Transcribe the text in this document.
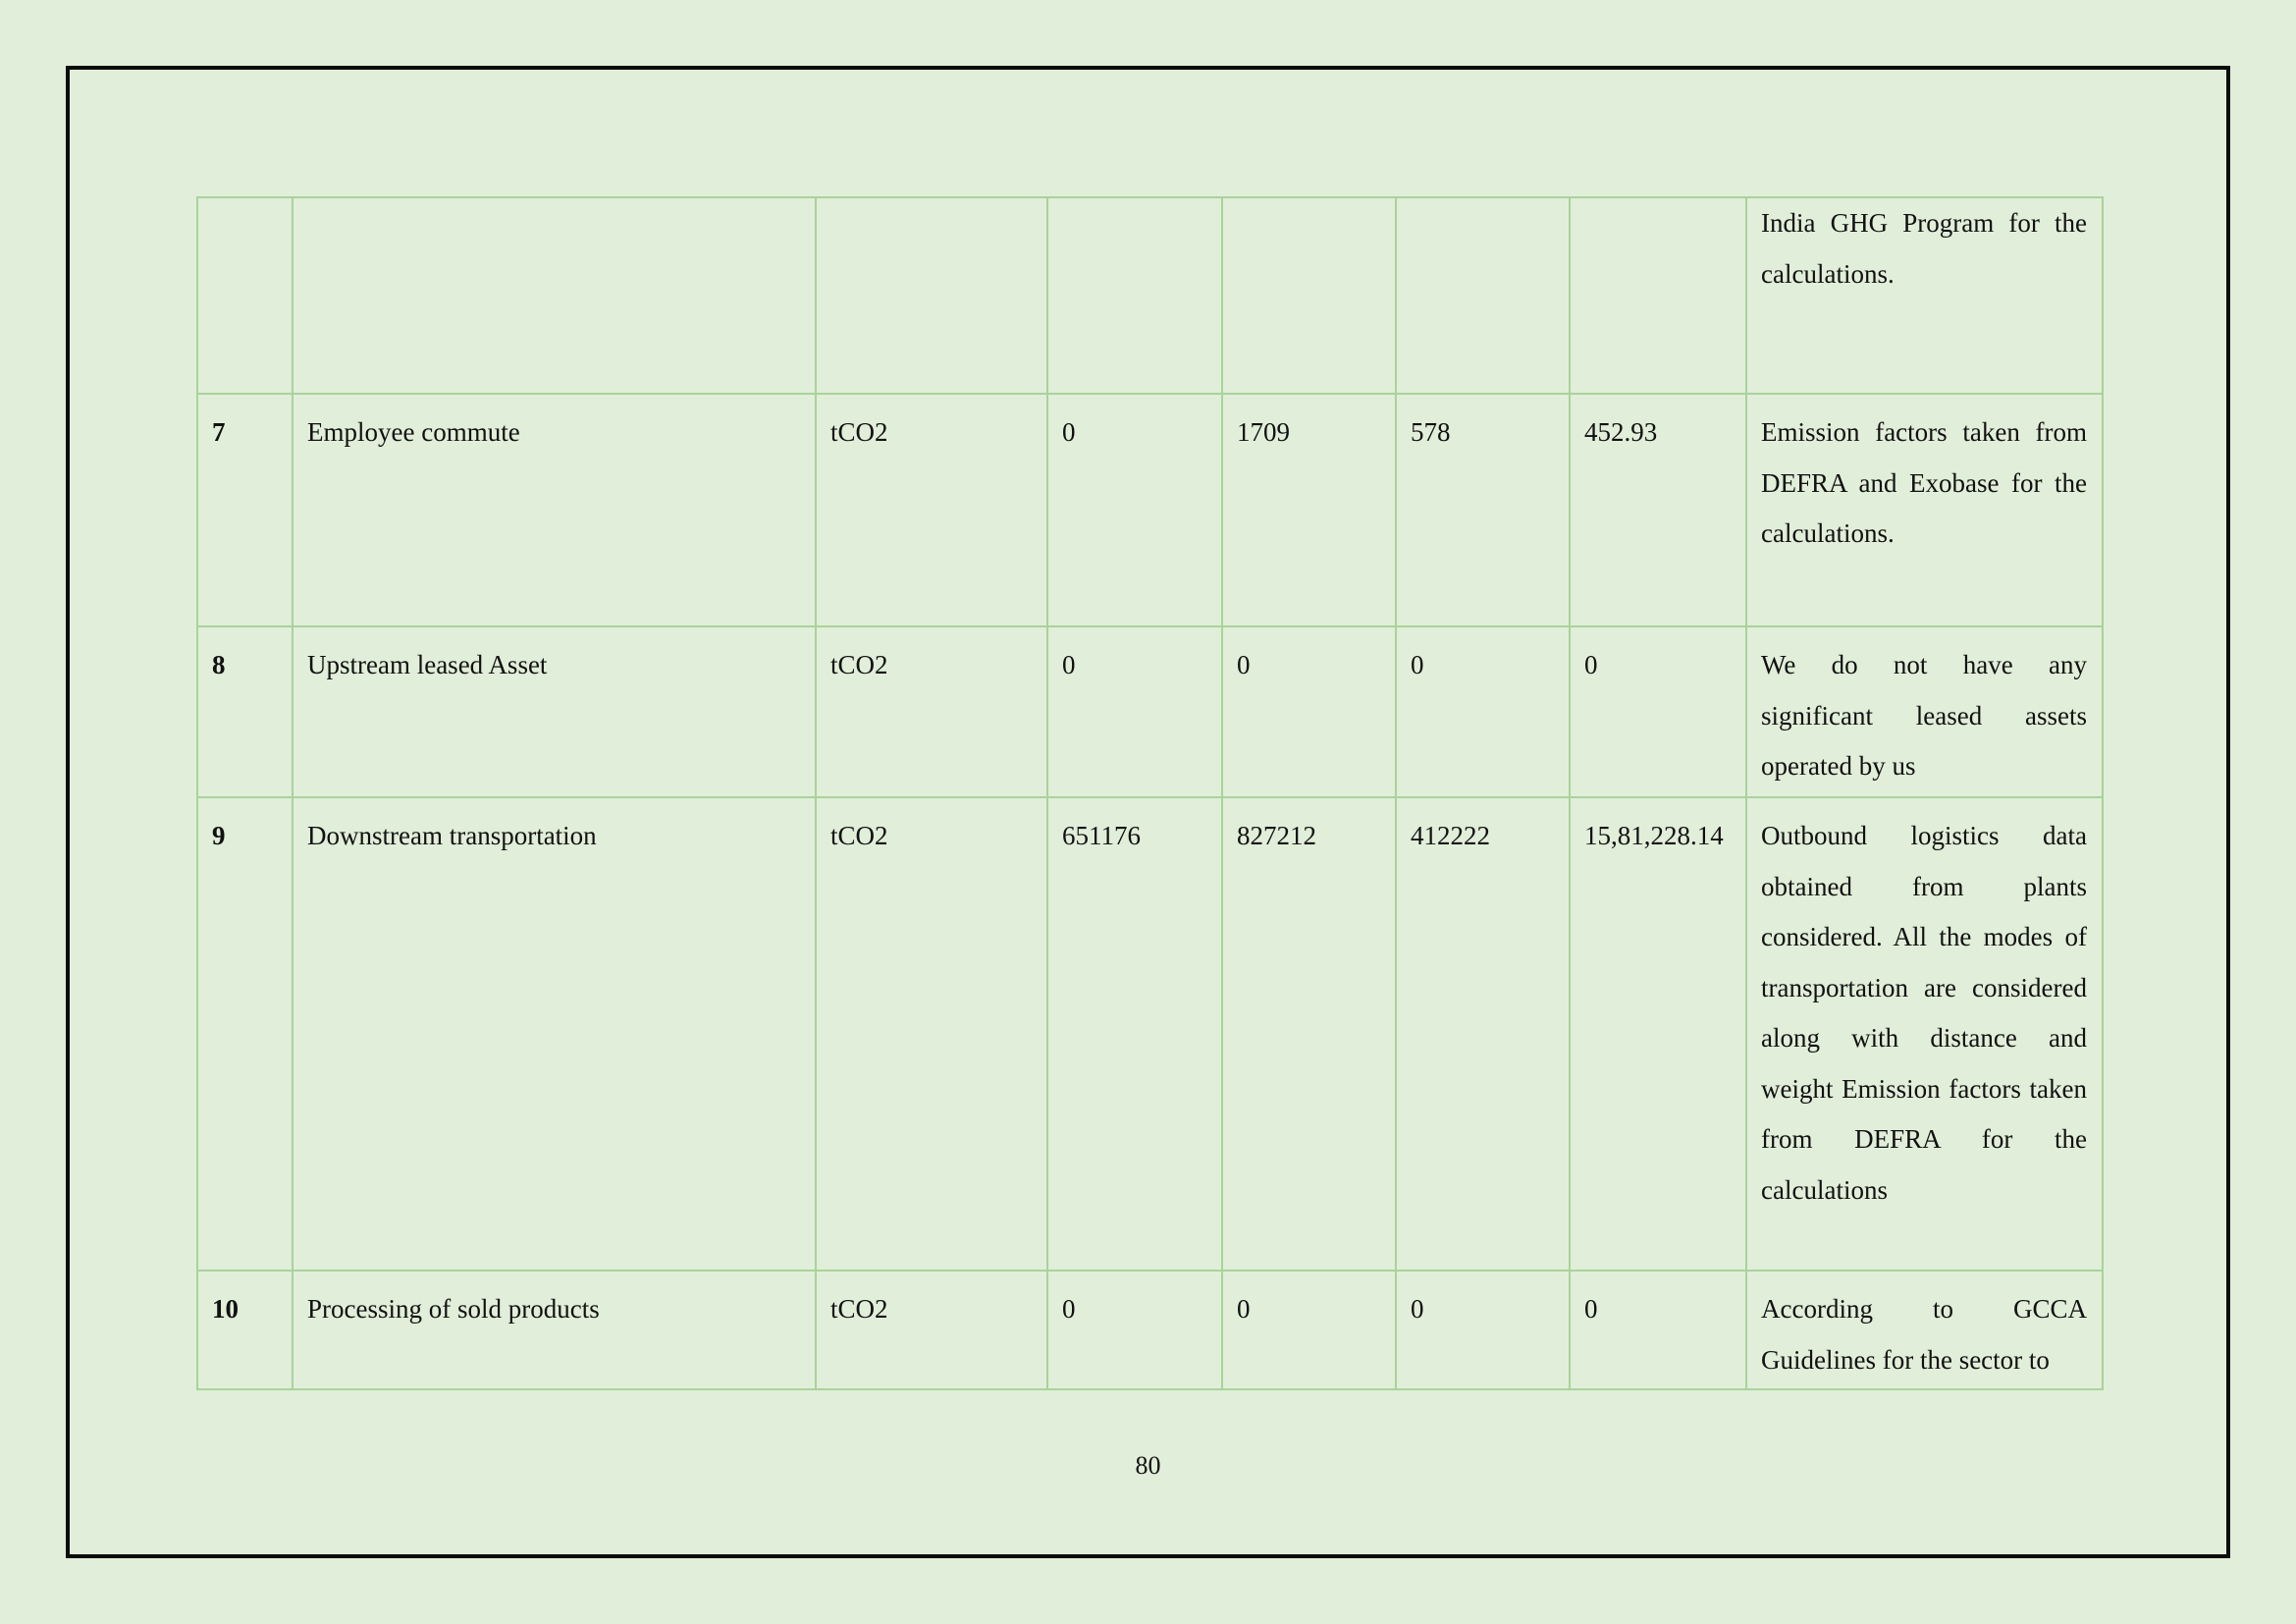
							India GHG Program for the calculations.
7	Employee commute	tCO2	0	1709	578	452.93	Emission factors taken from DEFRA and Exobase for the calculations.
8	Upstream leased Asset	tCO2	0	0	0	0	We do not have any significant leased assets operated by us
9	Downstream transportation	tCO2	651176	827212	412222	15,81,228.14	Outbound logistics data obtained from plants considered. All the modes of transportation are considered along with distance and weight Emission factors taken from DEFRA for the calculations
10	Processing of sold products	tCO2	0	0	0	0	According to GCCA Guidelines for the sector to
80
